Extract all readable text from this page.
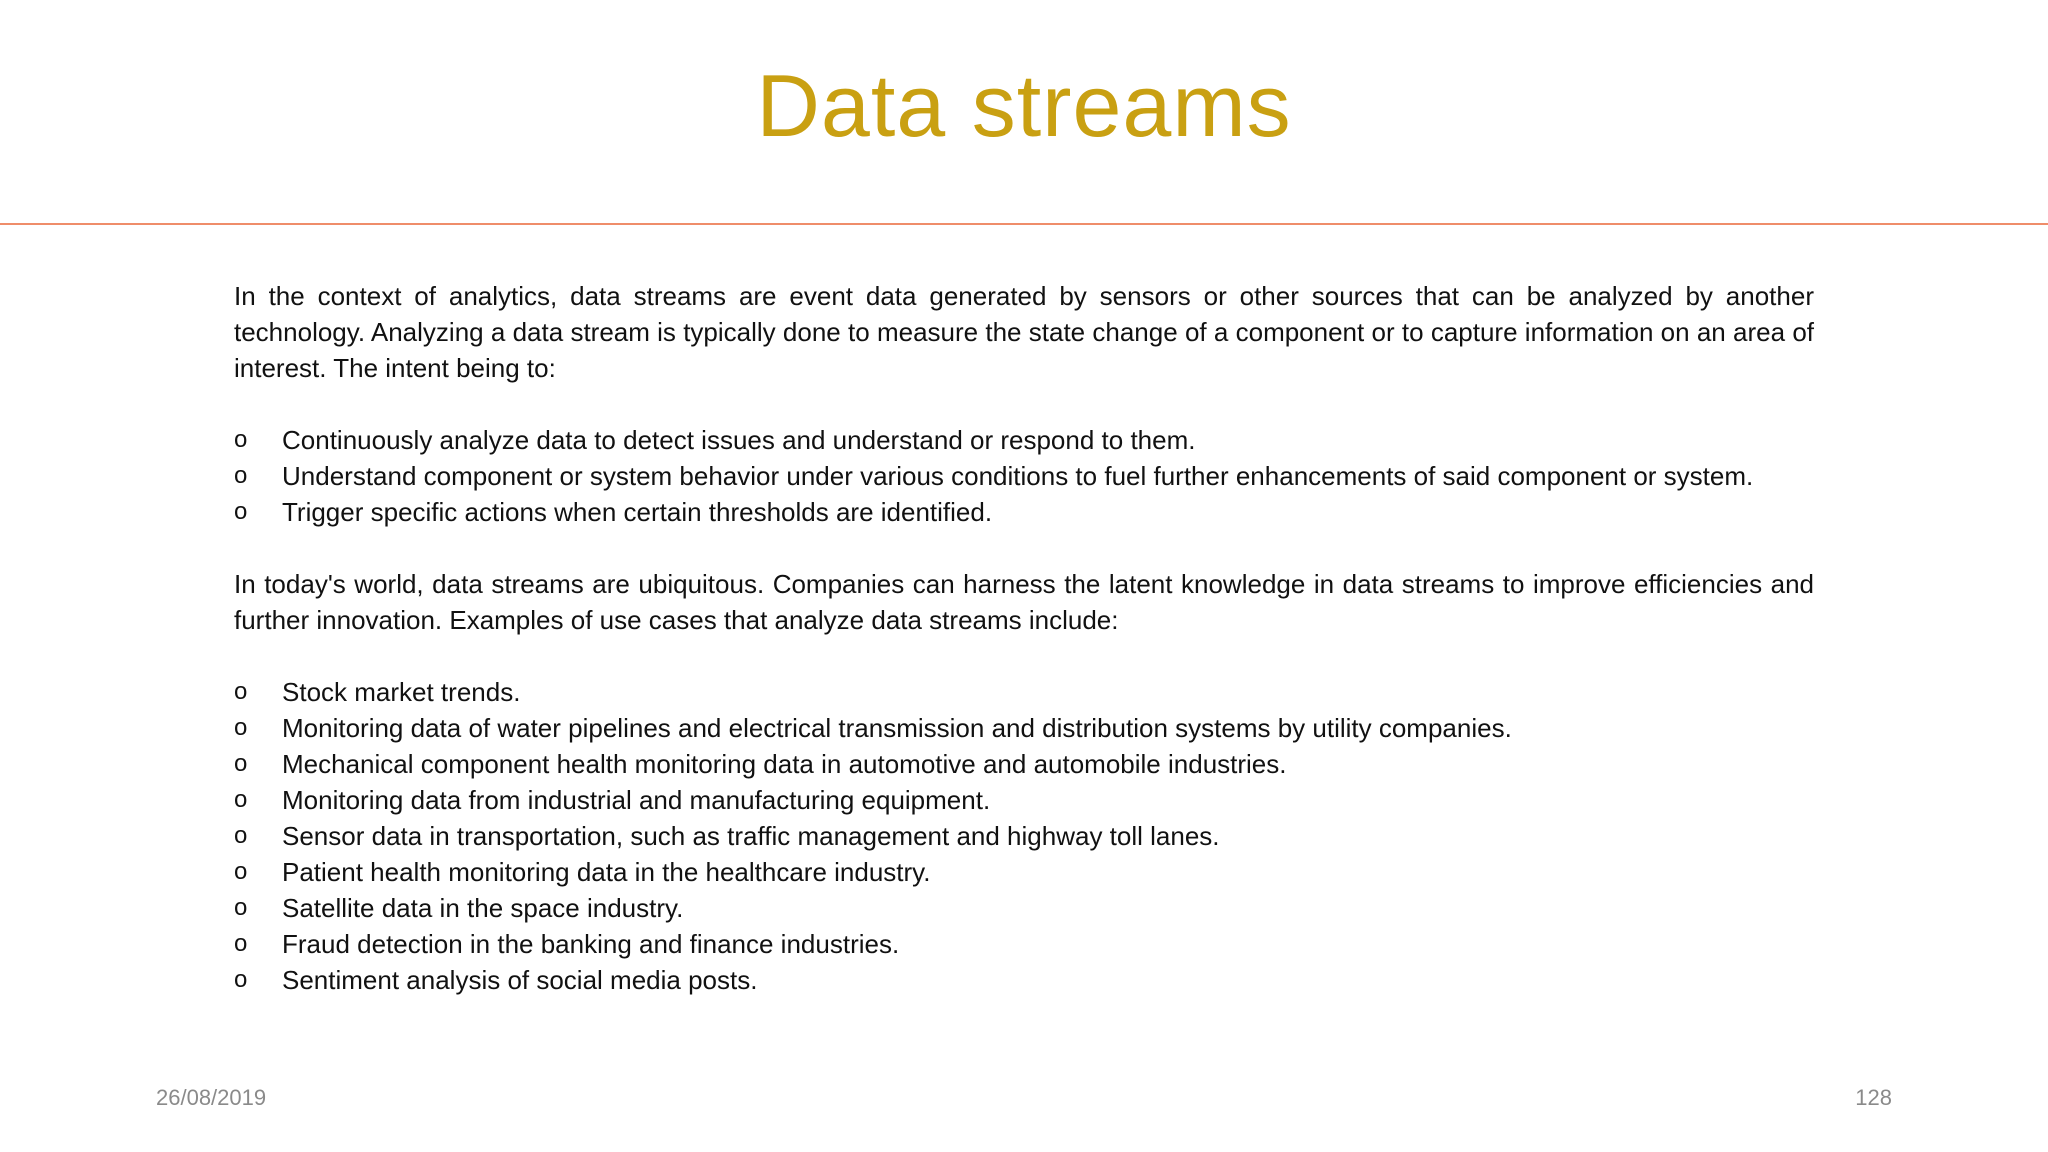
Data streams

In the context of analytics, data streams are event data generated by sensors or other sources that can be analyzed by another technology. Analyzing a data stream is typically done to measure the state change of a component or to capture information on an area of interest. The intent being to:

o	Continuously analyze data to detect issues and understand or respond to them.
o	Understand component or system behavior under various conditions to fuel further enhancements of said component or system.
o	Trigger specific actions when certain thresholds are identified.

In today's world, data streams are ubiquitous. Companies can harness the latent knowledge in data streams to improve efficiencies and further innovation. Examples of use cases that analyze data streams include:

o	Stock market trends.
o	Monitoring data of water pipelines and electrical transmission and distribution systems by utility companies.
o	Mechanical component health monitoring data in automotive and automobile industries.
o	Monitoring data from industrial and manufacturing equipment.
o	Sensor data in transportation, such as traffic management and highway toll lanes.
o	Patient health monitoring data in the healthcare industry.
o	Satellite data in the space industry.
o	Fraud detection in the banking and finance industries.
o	Sentiment analysis of social media posts.
26/08/2019	128
